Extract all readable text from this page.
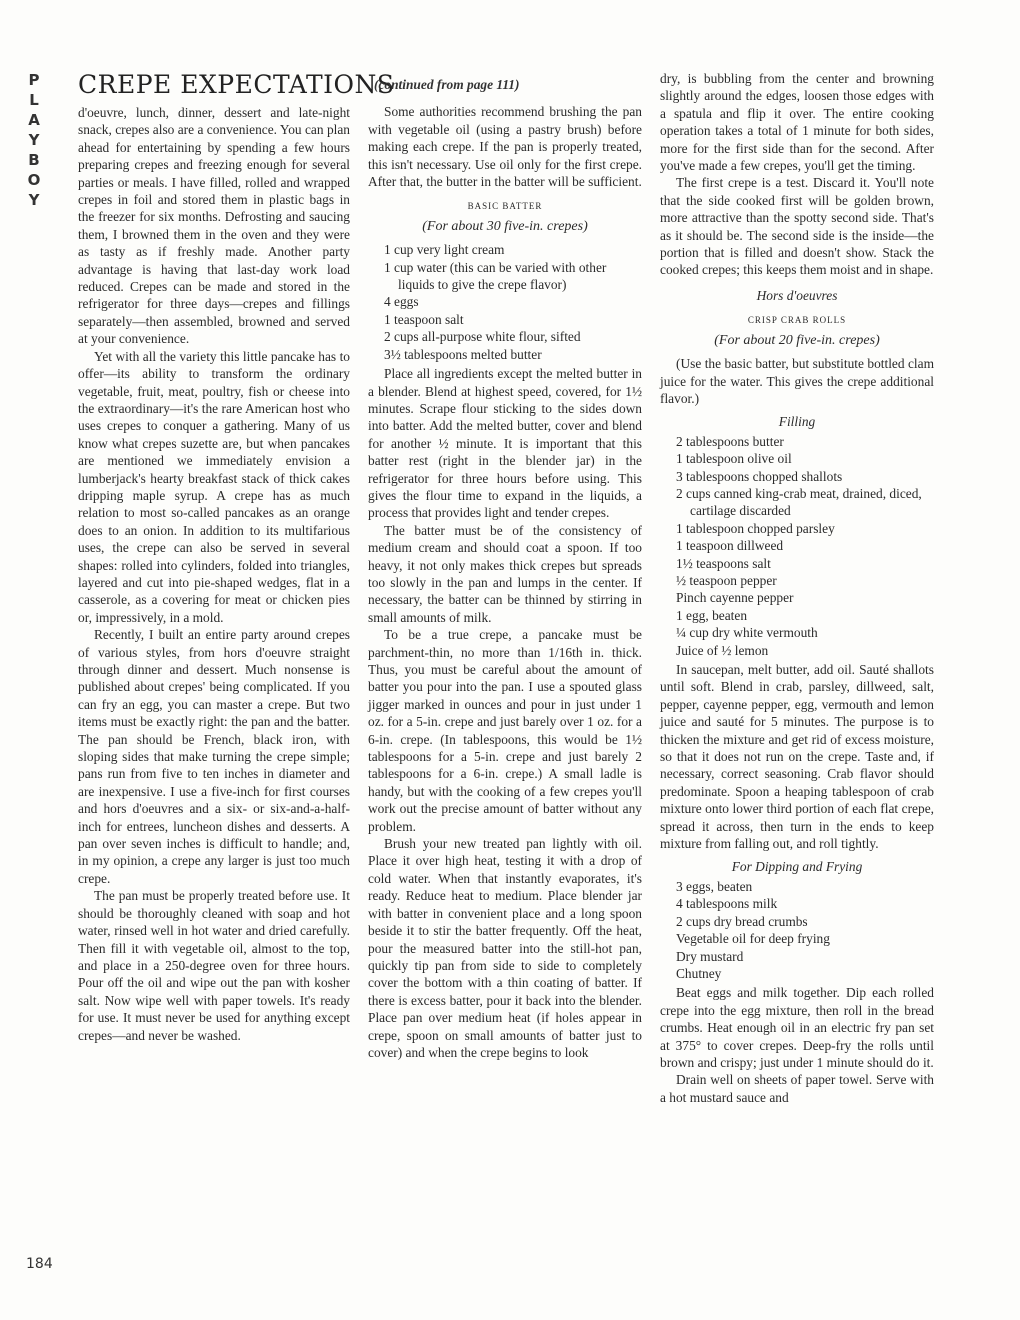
P
L
A
Y
B
O
Y
184
CREPE EXPECTATIONS

d'oeuvre, lunch, dinner, dessert and late-night snack, crepes also are a convenience. You can plan ahead for entertaining by spending a few hours preparing crepes and freezing enough for several parties or meals. I have filled, rolled and wrapped crepes in foil and stored them in plastic bags in the freezer for six months. Defrosting and saucing them, I browned them in the oven and they were as tasty as if freshly made. Another party advantage is having that last-day work load reduced. Crepes can be made and stored in the refrigerator for three days—crepes and fillings separately—then assembled, browned and served at your convenience.

Yet with all the variety this little pancake has to offer—its ability to transform the ordinary vegetable, fruit, meat, poultry, fish or cheese into the extraordinary—it's the rare American host who uses crepes to conquer a gathering. Many of us know what crepes suzette are, but when pancakes are mentioned we immediately envision a lumberjack's hearty breakfast stack of thick cakes dripping maple syrup. A crepe has as much relation to most so-called pancakes as an orange does to an onion. In addition to its multifarious uses, the crepe can also be served in several shapes: rolled into cylinders, folded into triangles, layered and cut into pie-shaped wedges, flat in a casserole, as a covering for meat or chicken pies or, impressively, in a mold.

Recently, I built an entire party around crepes of various styles, from hors d'oeuvre straight through dinner and dessert. Much nonsense is published about crepes' being complicated. If you can fry an egg, you can master a crepe. But two items must be exactly right: the pan and the batter. The pan should be French, black iron, with sloping sides that make turning the crepe simple; pans run from five to ten inches in diameter and are inexpensive. I use a five-inch for first courses and hors d'oeuvres and a six- or six-and-a-half-inch for entrees, luncheon dishes and desserts. A pan over seven inches is difficult to handle; and, in my opinion, a crepe any larger is just too much crepe.

The pan must be properly treated before use. It should be thoroughly cleaned with soap and hot water, rinsed well in hot water and dried carefully. Then fill it with vegetable oil, almost to the top, and place in a 250-degree oven for three hours. Pour off the oil and wipe out the pan with kosher salt. Now wipe well with paper towels. It's ready for use. It must never be used for anything except crepes—and never be washed.

(continued from page 111)

Some authorities recommend brushing the pan with vegetable oil (using a pastry brush) before making each crepe. If the pan is properly treated, this isn't necessary. Use oil only for the first crepe. After that, the butter in the batter will be sufficient.

BASIC BATTER
(For about 30 five-in. crepes)
1 cup very light cream
1 cup water (this can be varied with other liquids to give the crepe flavor)
4 eggs
1 teaspoon salt
2 cups all-purpose white flour, sifted
3½ tablespoons melted butter

Place all ingredients except the melted butter in a blender. Blend at highest speed, covered, for 1½ minutes. Scrape flour sticking to the sides down into batter. Add the melted butter, cover and blend for another ½ minute. It is important that this batter rest (right in the blender jar) in the refrigerator for three hours before using. This gives the flour time to expand in the liquids, a process that provides light and tender crepes.

The batter must be of the consistency of medium cream and should coat a spoon. If too heavy, it not only makes thick crepes but spreads too slowly in the pan and lumps in the center. If necessary, the batter can be thinned by stirring in small amounts of milk.

To be a true crepe, a pancake must be parchment-thin, no more than 1/16th in. thick. Thus, you must be careful about the amount of batter you pour into the pan. I use a spouted glass jigger marked in ounces and pour in just under 1 oz. for a 5-in. crepe and just barely over 1 oz. for a 6-in. crepe. (In tablespoons, this would be 1½ tablespoons for a 5-in. crepe and just barely 2 tablespoons for a 6-in. crepe.) A small ladle is handy, but with the cooking of a few crepes you'll work out the precise amount of batter without any problem.

Brush your new treated pan lightly with oil. Place it over high heat, testing it with a drop of cold water. When that instantly evaporates, it's ready. Reduce heat to medium. Place blender jar with batter in convenient place and a long spoon beside it to stir the batter frequently. Off the heat, pour the measured batter into the still-hot pan, quickly tip pan from side to side to completely cover the bottom with a thin coating of batter. If there is excess batter, pour it back into the blender. Place pan over medium heat (if holes appear in crepe, spoon on small amounts of batter just to cover) and when the crepe begins to look

dry, is bubbling from the center and browning slightly around the edges, loosen those edges with a spatula and flip it over. The entire cooking operation takes a total of 1 minute for both sides, more for the first side than for the second. After you've made a few crepes, you'll get the timing.

The first crepe is a test. Discard it. You'll note that the side cooked first will be golden brown, more attractive than the spotty second side. That's as it should be. The second side is the inside—the portion that is filled and doesn't show. Stack the cooked crepes; this keeps them moist and in shape.

Hors d'oeuvres
CRISP CRAB ROLLS
(For about 20 five-in. crepes)

(Use the basic batter, but substitute bottled clam juice for the water. This gives the crepe additional flavor.)

Filling
2 tablespoons butter
1 tablespoon olive oil
3 tablespoons chopped shallots
2 cups canned king-crab meat, drained, diced, cartilage discarded
1 tablespoon chopped parsley
1 teaspoon dillweed
1½ teaspoons salt
½ teaspoon pepper
Pinch cayenne pepper
1 egg, beaten
¼ cup dry white vermouth
Juice of ½ lemon

In saucepan, melt butter, add oil. Sauté shallots until soft. Blend in crab, parsley, dillweed, salt, pepper, cayenne pepper, egg, vermouth and lemon juice and sauté for 5 minutes. The purpose is to thicken the mixture and get rid of excess moisture, so that it does not run on the crepe. Taste and, if necessary, correct seasoning. Crab flavor should predominate. Spoon a heaping tablespoon of crab mixture onto lower third portion of each flat crepe, spread it across, then turn in the ends to keep mixture from falling out, and roll tightly.

For Dipping and Frying
3 eggs, beaten
4 tablespoons milk
2 cups dry bread crumbs
Vegetable oil for deep frying
Dry mustard
Chutney

Beat eggs and milk together. Dip each rolled crepe into the egg mixture, then roll in the bread crumbs. Heat enough oil in an electric fry pan set at 375° to cover crepes. Deep-fry the rolls until brown and crispy; just under 1 minute should do it.

Drain well on sheets of paper towel. Serve with a hot mustard sauce and
